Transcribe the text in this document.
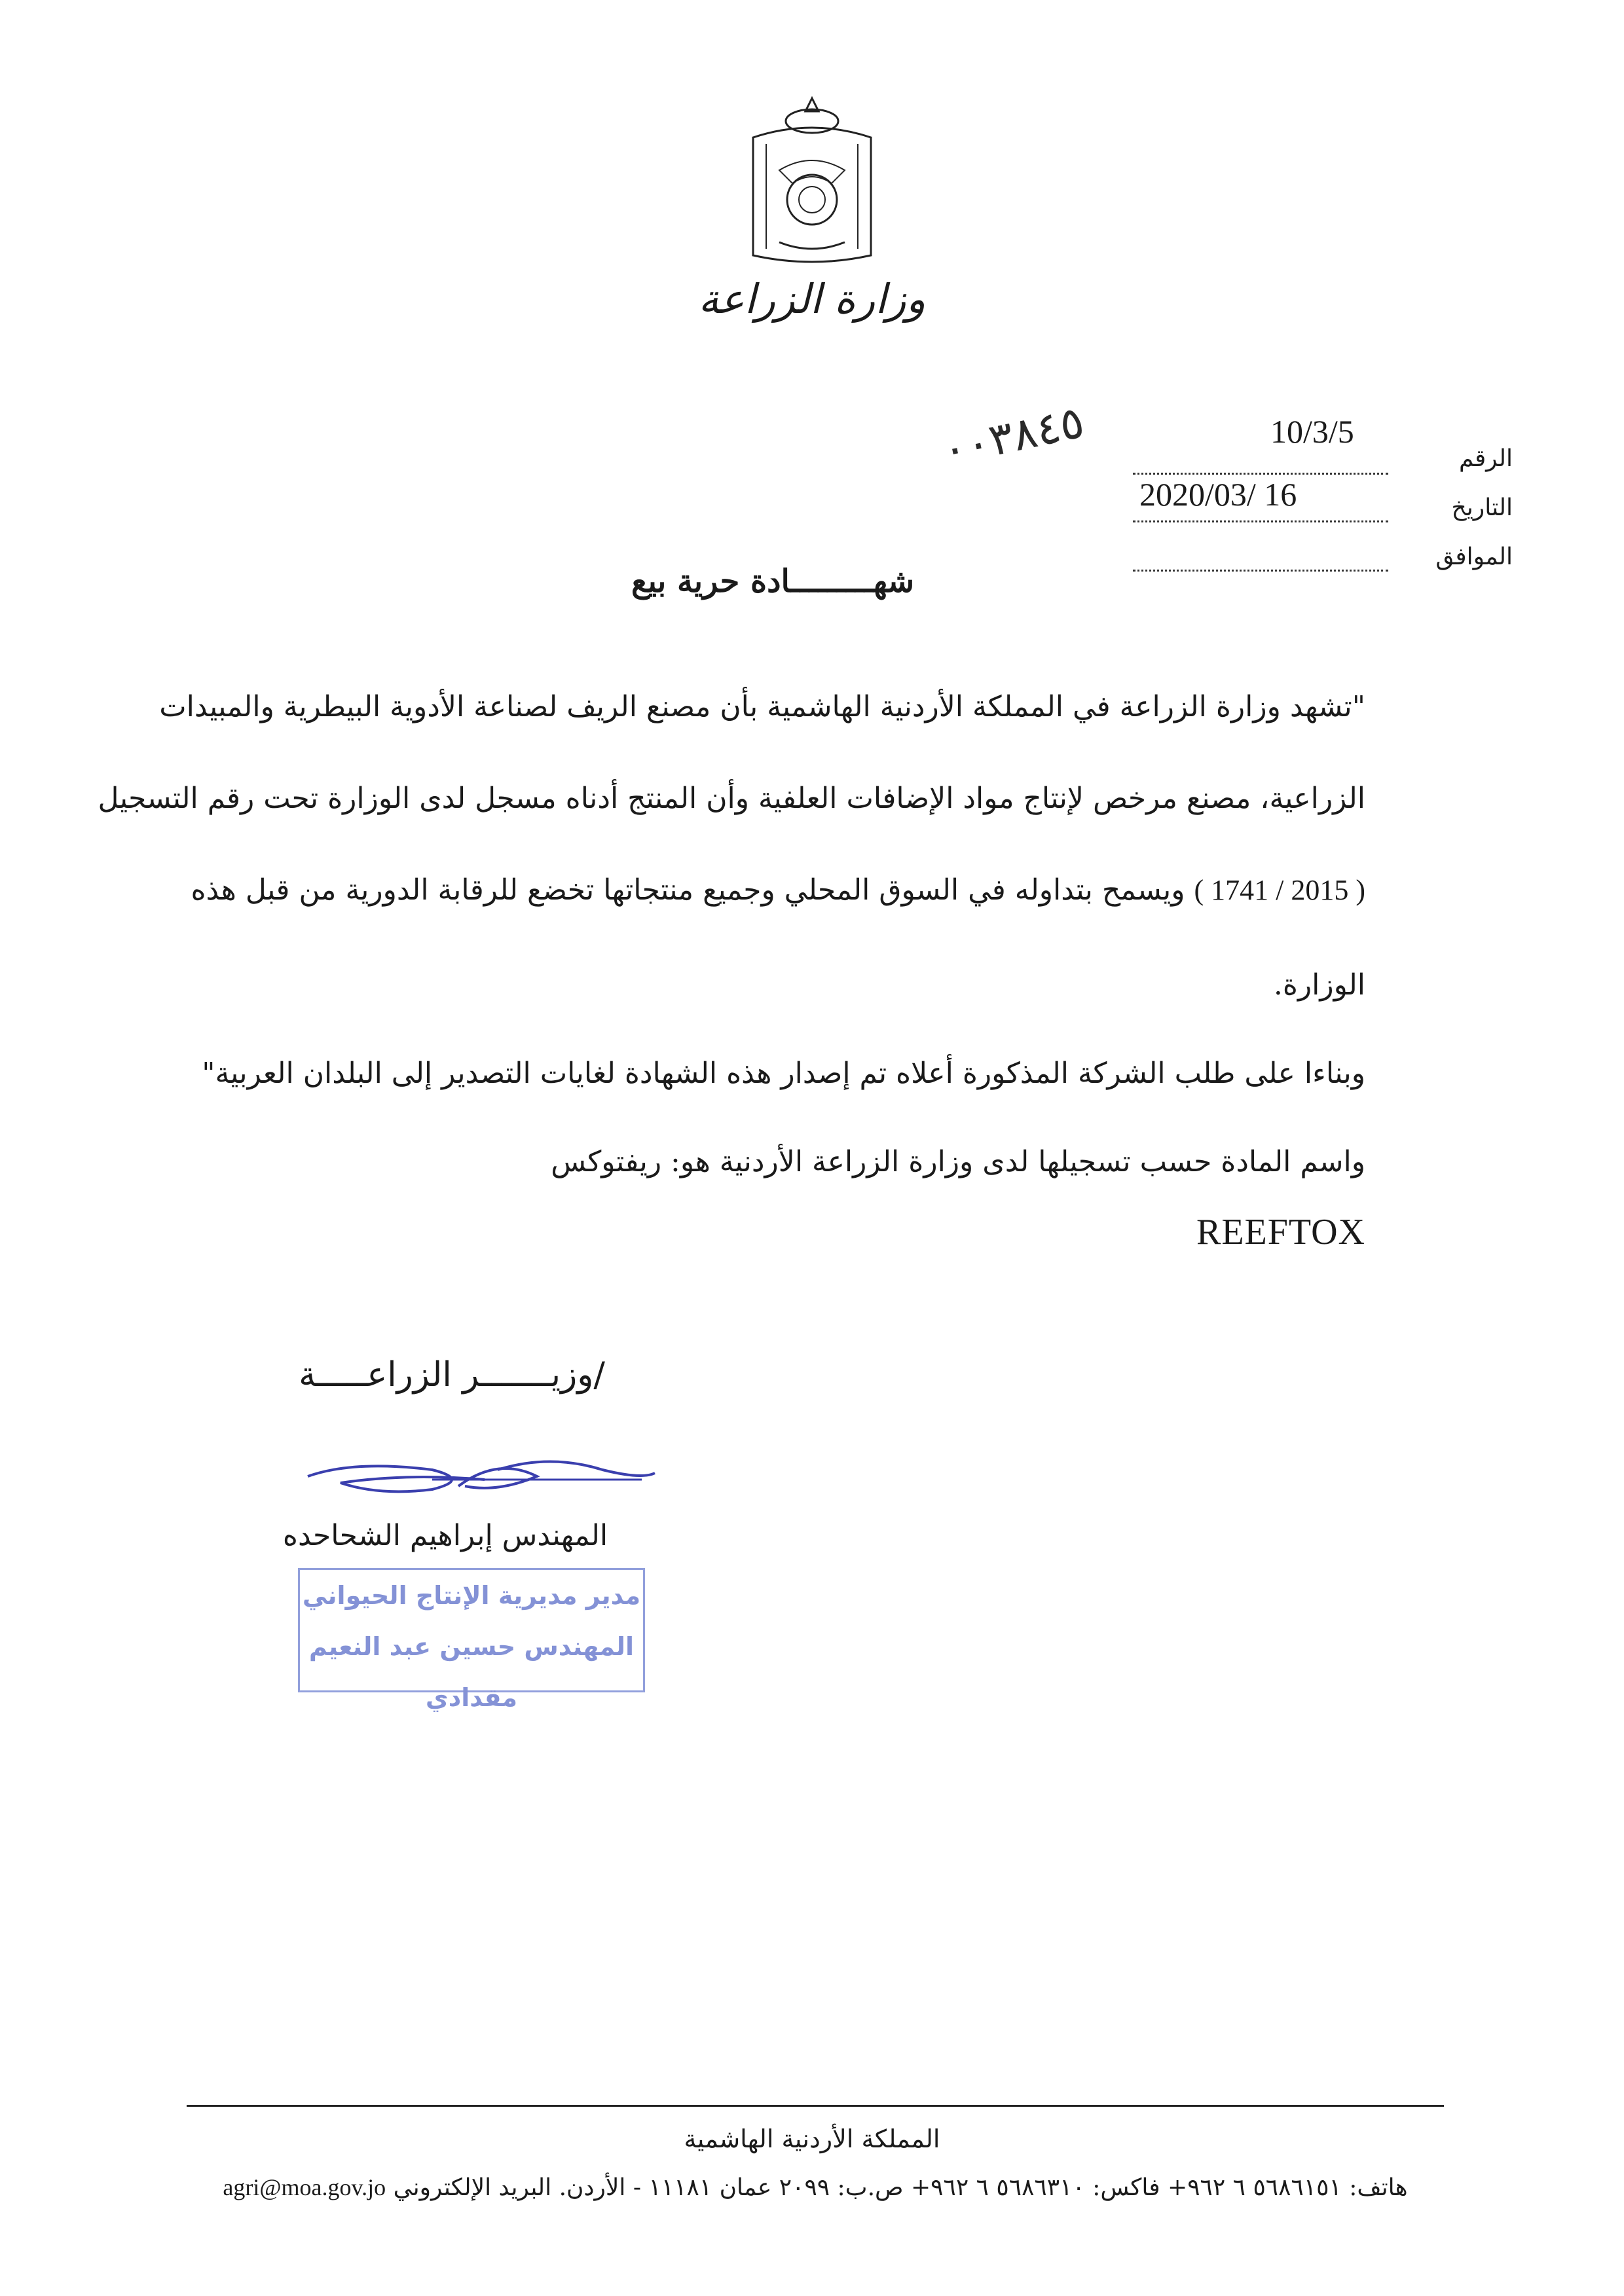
وزارة الزراعة
الرقم
10/3/5
التاريخ
2020/03/ 16
الموافق
٠٠٣٨٤٥
شهـــــــــادة حرية بيع
"تشهد وزارة الزراعة في المملكة الأردنية الهاشمية بأن مصنع الريف لصناعة الأدوية البيطرية والمبيدات
الزراعية، مصنع مرخص لإنتاج مواد الإضافات العلفية وأن المنتج أدناه مسجل لدى الوزارة تحت رقم التسجيل
( 1741 / 2015 ) ويسمح بتداوله في السوق المحلي وجميع منتجاتها تخضع للرقابة الدورية من قبل هذه
الوزارة.
وبناءا على طلب الشركة المذكورة أعلاه تم إصدار هذه الشهادة لغايات التصدير إلى البلدان العربية"
واسم المادة حسب تسجيلها لدى وزارة الزراعة الأردنية هو: ريفتوكس
REEFTOX
/وزيـــــــر الزراعـــــة
المهندس إبراهيم الشحاحده
مدير مديرية الإنتاج الحيواني
المهندس حسين عبد النعيم مقدادي
المملكة الأردنية الهاشمية
هاتف: ٥٦٨٦١٥١ ٦ ٩٦٢+ فاكس: ٥٦٨٦٣١٠ ٦ ٩٦٢+ ص.ب: ٢٠٩٩ عمان ١١١٨١ - الأردن. البريد الإلكتروني agri@moa.gov.jo
